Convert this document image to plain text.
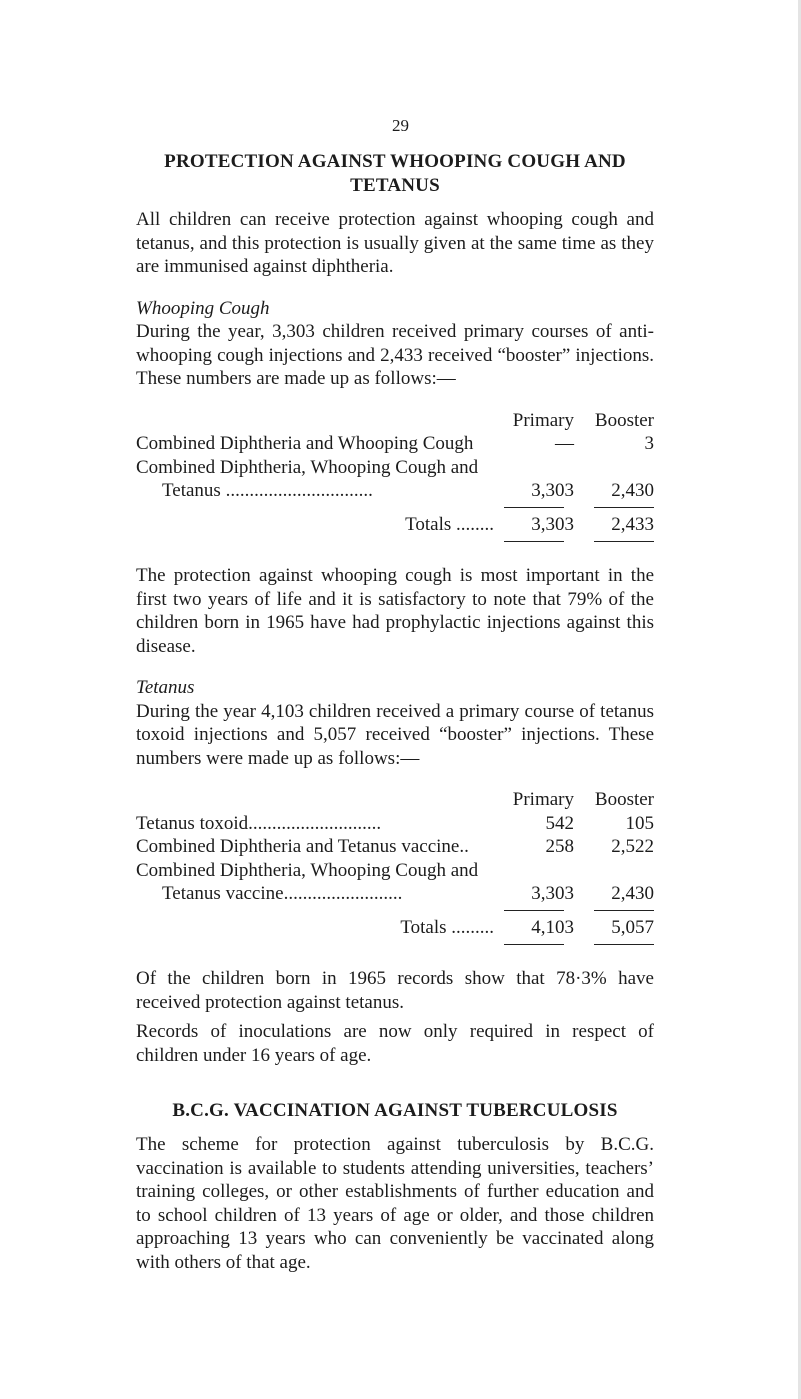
29
PROTECTION AGAINST WHOOPING COUGH AND TETANUS

All children can receive protection against whooping cough and tetanus, and this protection is usually given at the same time as they are immunised against diphtheria.

Whooping Cough

During the year, 3,303 children received primary courses of anti-whooping cough injections and 2,433 received “booster” injections. These numbers are made up as follows:—

Primary	Booster
Combined Diphtheria and Whooping Cough	—	3
Combined Diphtheria, Whooping Cough and
Tetanus ...............................	3,303	2,430
Totals ........	3,303	2,433

The protection against whooping cough is most important in the first two years of life and it is satisfactory to note that 79% of the children born in 1965 have had prophylactic injections against this disease.

Tetanus

During the year 4,103 children received a primary course of tetanus toxoid injections and 5,057 received “booster” injections. These numbers were made up as follows:—

Primary	Booster
Tetanus toxoid............................	542	105
Combined Diphtheria and Tetanus vaccine..	258	2,522
Combined Diphtheria, Whooping Cough and
Tetanus vaccine.........................	3,303	2,430
Totals .........	4,103	5,057

Of the children born in 1965 records show that 78·3% have received protection against tetanus.

Records of inoculations are now only required in respect of children under 16 years of age.

B.C.G. VACCINATION AGAINST TUBERCULOSIS

The scheme for protection against tuberculosis by B.C.G. vaccination is available to students attending universities, teachers’ training colleges, or other establishments of further education and to school children of 13 years of age or older, and those children approaching 13 years who can conveniently be vaccinated along with others of that age.
